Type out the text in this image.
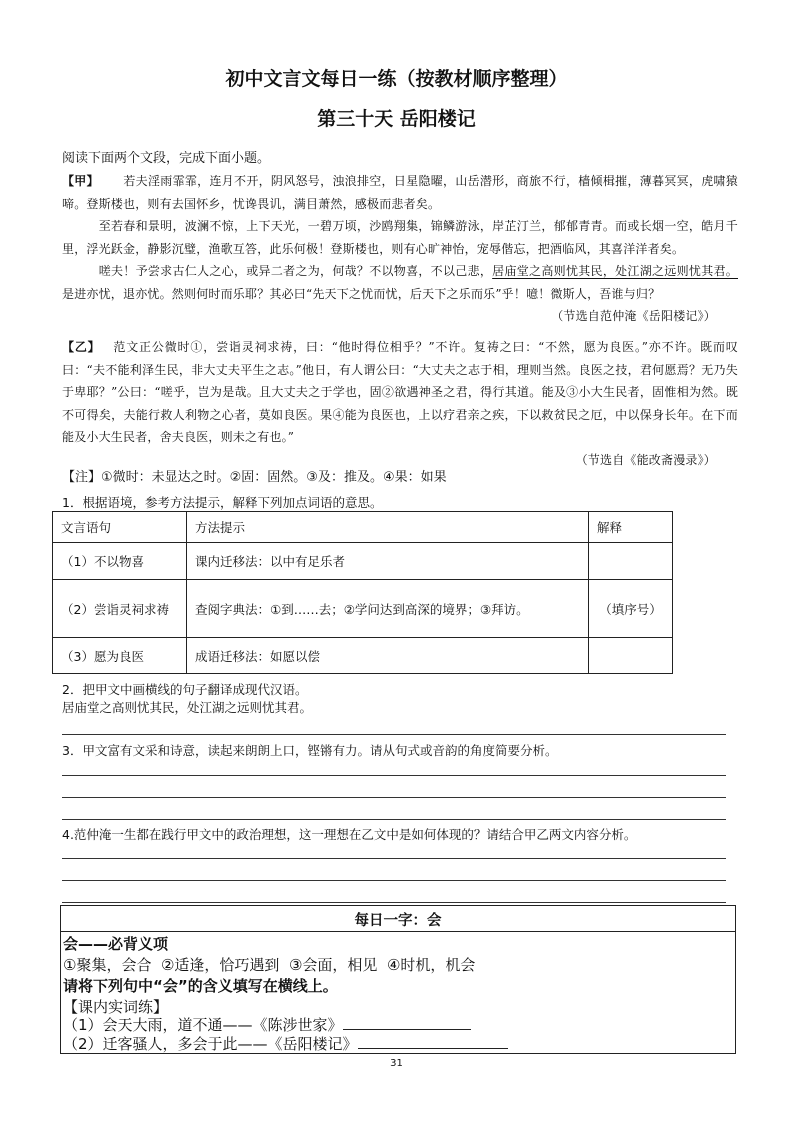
初中文言文每日一练（按教材顺序整理）
第三十天 岳阳楼记
阅读下面两个文段，完成下面小题。
【甲】   若夫淫雨霏霏，连月不开，阴风怒号，浊浪排空，日星隐曜，山岳潜形，商旅不行，樯倾楫摧，薄暮冥冥，虎啸猿啼。登斯楼也，则有去国怀乡，忧谗畏讥，满目萧然，感极而悲者矣。
   至若春和景明，波澜不惊，上下天光，一碧万顷，沙鸥翔集，锦鳞游泳，岸芷汀兰，郁郁青青。而或长烟一空，皓月千里，浮光跃金，静影沉璧，渔歌互答，此乐何极！登斯楼也，则有心旷神怡，宠辱偕忘，把酒临风，其喜洋洋者矣。
   嗟夫！予尝求古仁人之心，或异二者之为，何哉？不以物喜，不以己悲，居庙堂之高则忧其民，处江湖之远则忧其君。是进亦忧，退亦忧。然则何时而乐耶？其必曰“先天下之忧而忧，后天下之乐而乐”乎！噫！微斯人，吾谁与归？
（节选自范仲淹《岳阳楼记》）
【乙】  范文正公微时①，尝诣灵祠求祷，曰：“他时得位相乎？”不许。复祷之曰：“不然，愿为良医。”亦不许。既而叹曰：“夫不能利泽生民，非大丈夫平生之志。”他日，有人谓公曰：“大丈夫之志于相，理则当然。良医之技，君何愿焉？无乃失于卑耶？”公曰：“嗟乎，岂为是哉。且大丈夫之于学也，固②欲遇神圣之君，得行其道。能及③小大生民者，固惟相为然。既不可得矣，夫能行救人利物之心者，莫如良医。果④能为良医也，上以疗君亲之疾，下以救贫民之厄，中以保身长年。在下而能及小大生民者，舍夫良医，则未之有也。”
（节选自《能改斋漫录》）
【注】①微时：未显达之时。②固：固然。③及：推及。④果：如果
1．根据语境，参考方法提示，解释下列加点词语的意思。
文言语句	方法提示	解释
（1）不以物喜	课内迁移法：以中有足乐者	
（2）尝诣灵祠求祷	查阅字典法：①到……去；②学问达到高深的境界；③拜访。	（填序号）
（3）愿为良医	成语迁移法：如愿以偿	
2．把甲文中画横线的句子翻译成现代汉语。
居庙堂之高则忧其民，处江湖之远则忧其君。
3．甲文富有文采和诗意，读起来朗朗上口，铿锵有力。请从句式或音韵的角度简要分析。
4.范仲淹一生都在践行甲文中的政治理想，这一理想在乙文中是如何体现的？请结合甲乙两文内容分析。
每日一字：会
会——必背义项
①聚集，会合  ②适逢，恰巧遇到  ③会面，相见  ④时机，机会
请将下列句中“会”的含义填写在横线上。
【课内实词练】
（1）会天大雨，道不通——《陈涉世家》
（2）迁客骚人，多会于此——《岳阳楼记》
31
